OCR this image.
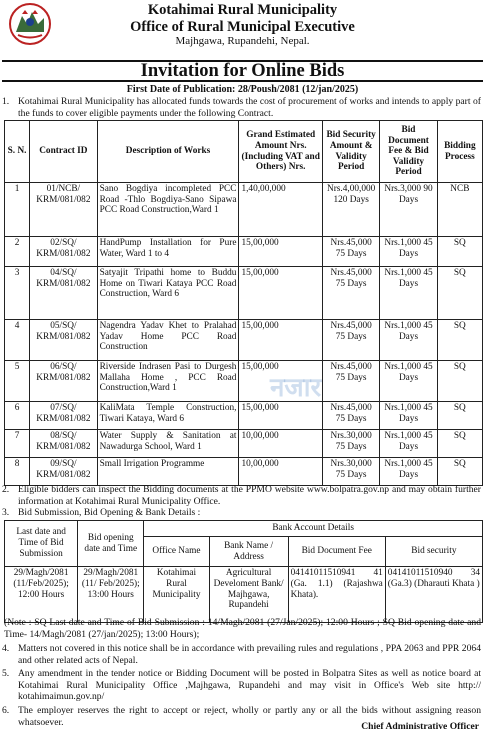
Kotahimai Rural Municipality
Office of Rural Municipal Executive
Majhgawa, Rupandehi, Nepal.
Invitation for Online Bids
First Date of Publication: 28/Poush/2081 (12/jan/2025)
1. Kotahimai Rural Municipality has allocated funds towards the cost of procurement of works and intends to apply part of the funds to cover eligible payments under the following Contract.
S. N.	Contract ID	Description of Works	Grand Estimated Amount Nrs. (Including VAT and Others) Nrs.	Bid Security Amount & Validity Period	Bid Document Fee & Bid Validity Period	Bidding Process
1	01/NCB/ KRM/081/082	Sano Bogdiya incompleted PCC Road -Thlo Bogdiya-Sano Sipawa PCC Road Construction,Ward 1	1,40,00,000	Nrs.4,00,000 120 Days	Nrs.3,000 90 Days	NCB
2	02/SQ/ KRM/081/082	HandPump Installation for Pure Water, Ward 1 to 4	15,00,000	Nrs.45,000 75 Days	Nrs.1,000 45 Days	SQ
3	04/SQ/ KRM/081/082	Satyajit Tripathi home to Buddu Home on Tiwari Kataya PCC Road Construction, Ward 6	15,00,000	Nrs.45,000 75 Days	Nrs.1,000 45 Days	SQ
4	05/SQ/ KRM/081/082	Nagendra Yadav Khet to Pralahad Yadav Home PCC Road Construction	15,00,000	Nrs.45,000 75 Days	Nrs.1,000 45 Days	SQ
5	06/SQ/ KRM/081/082	Riverside Indrasen Pasi to Durgesh Mallaha Home , PCC Road Construction,Ward 1	15,00,000	Nrs.45,000 75 Days	Nrs.1,000 45 Days	SQ
6	07/SQ/ KRM/081/082	KaliMata Temple Construction, Tiwari Kataya, Ward 6	15,00,000	Nrs.45,000 75 Days	Nrs.1,000 45 Days	SQ
7	08/SQ/ KRM/081/082	Water Supply & Sanitation at Nawadurga School, Ward 1	10,00,000	Nrs.30,000 75 Days	Nrs.1,000 45 Days	SQ
8	09/SQ/ KRM/081/082	Small Irrigation Programme	10,00,000	Nrs.30,000 75 Days	Nrs.1,000 45 Days	SQ
नजार
2. Eligible bidders can inspect the Bidding documents at the PPMO website www.bolpatra.gov.np and may obtain further information at Kotahimai Rural Municipality Office.
3. Bid Submission, Bid Opening & Bank Details :
Last date and Time of Bid Submission	Bid opening date and Time	Bank Account Details			
		Office Name	Bank Name / Address	Bid Document Fee	Bid security
29/Magh/2081 (11/Feb/2025); 12:00 Hours	29/Magh/2081 (11/ Feb/2025); 13:00 Hours	Kotahimai Rural Municipality	Agricultural Develoment Bank/ Majhgawa, Rupandehi	04141011510941 41 (Ga. 1.1) (Rajashwa Khata).	04141011510940 34 (Ga.3) (Dharauti Khata )
(Note : SQ Last date and Time of Bid Submission : 14/Magh/2081 (27/Jan/2025); 12:00 Hours ; SQ Bid opening date and Time- 14/Magh/2081 (27/jan/2025); 13:00 Hours);
4. Matters not covered in this notice shall be in accordance with prevailing rules and regulations , PPA 2063 and PPR 2064 and other related acts of Nepal.
5. Any amendment in the tender notice or Bidding Document will be posted in Bolpatra Sites as well as notice board at Kotahimai Rural Municipality Office ,Majhgawa, Rupandehi and may visit in Office's Web site http:// kotahimaimun.gov.np/
6. The employer reserves the right to accept or reject, wholly or partly any or all the bids without assigning reason whatsoever.	Chief Administrative Officer
